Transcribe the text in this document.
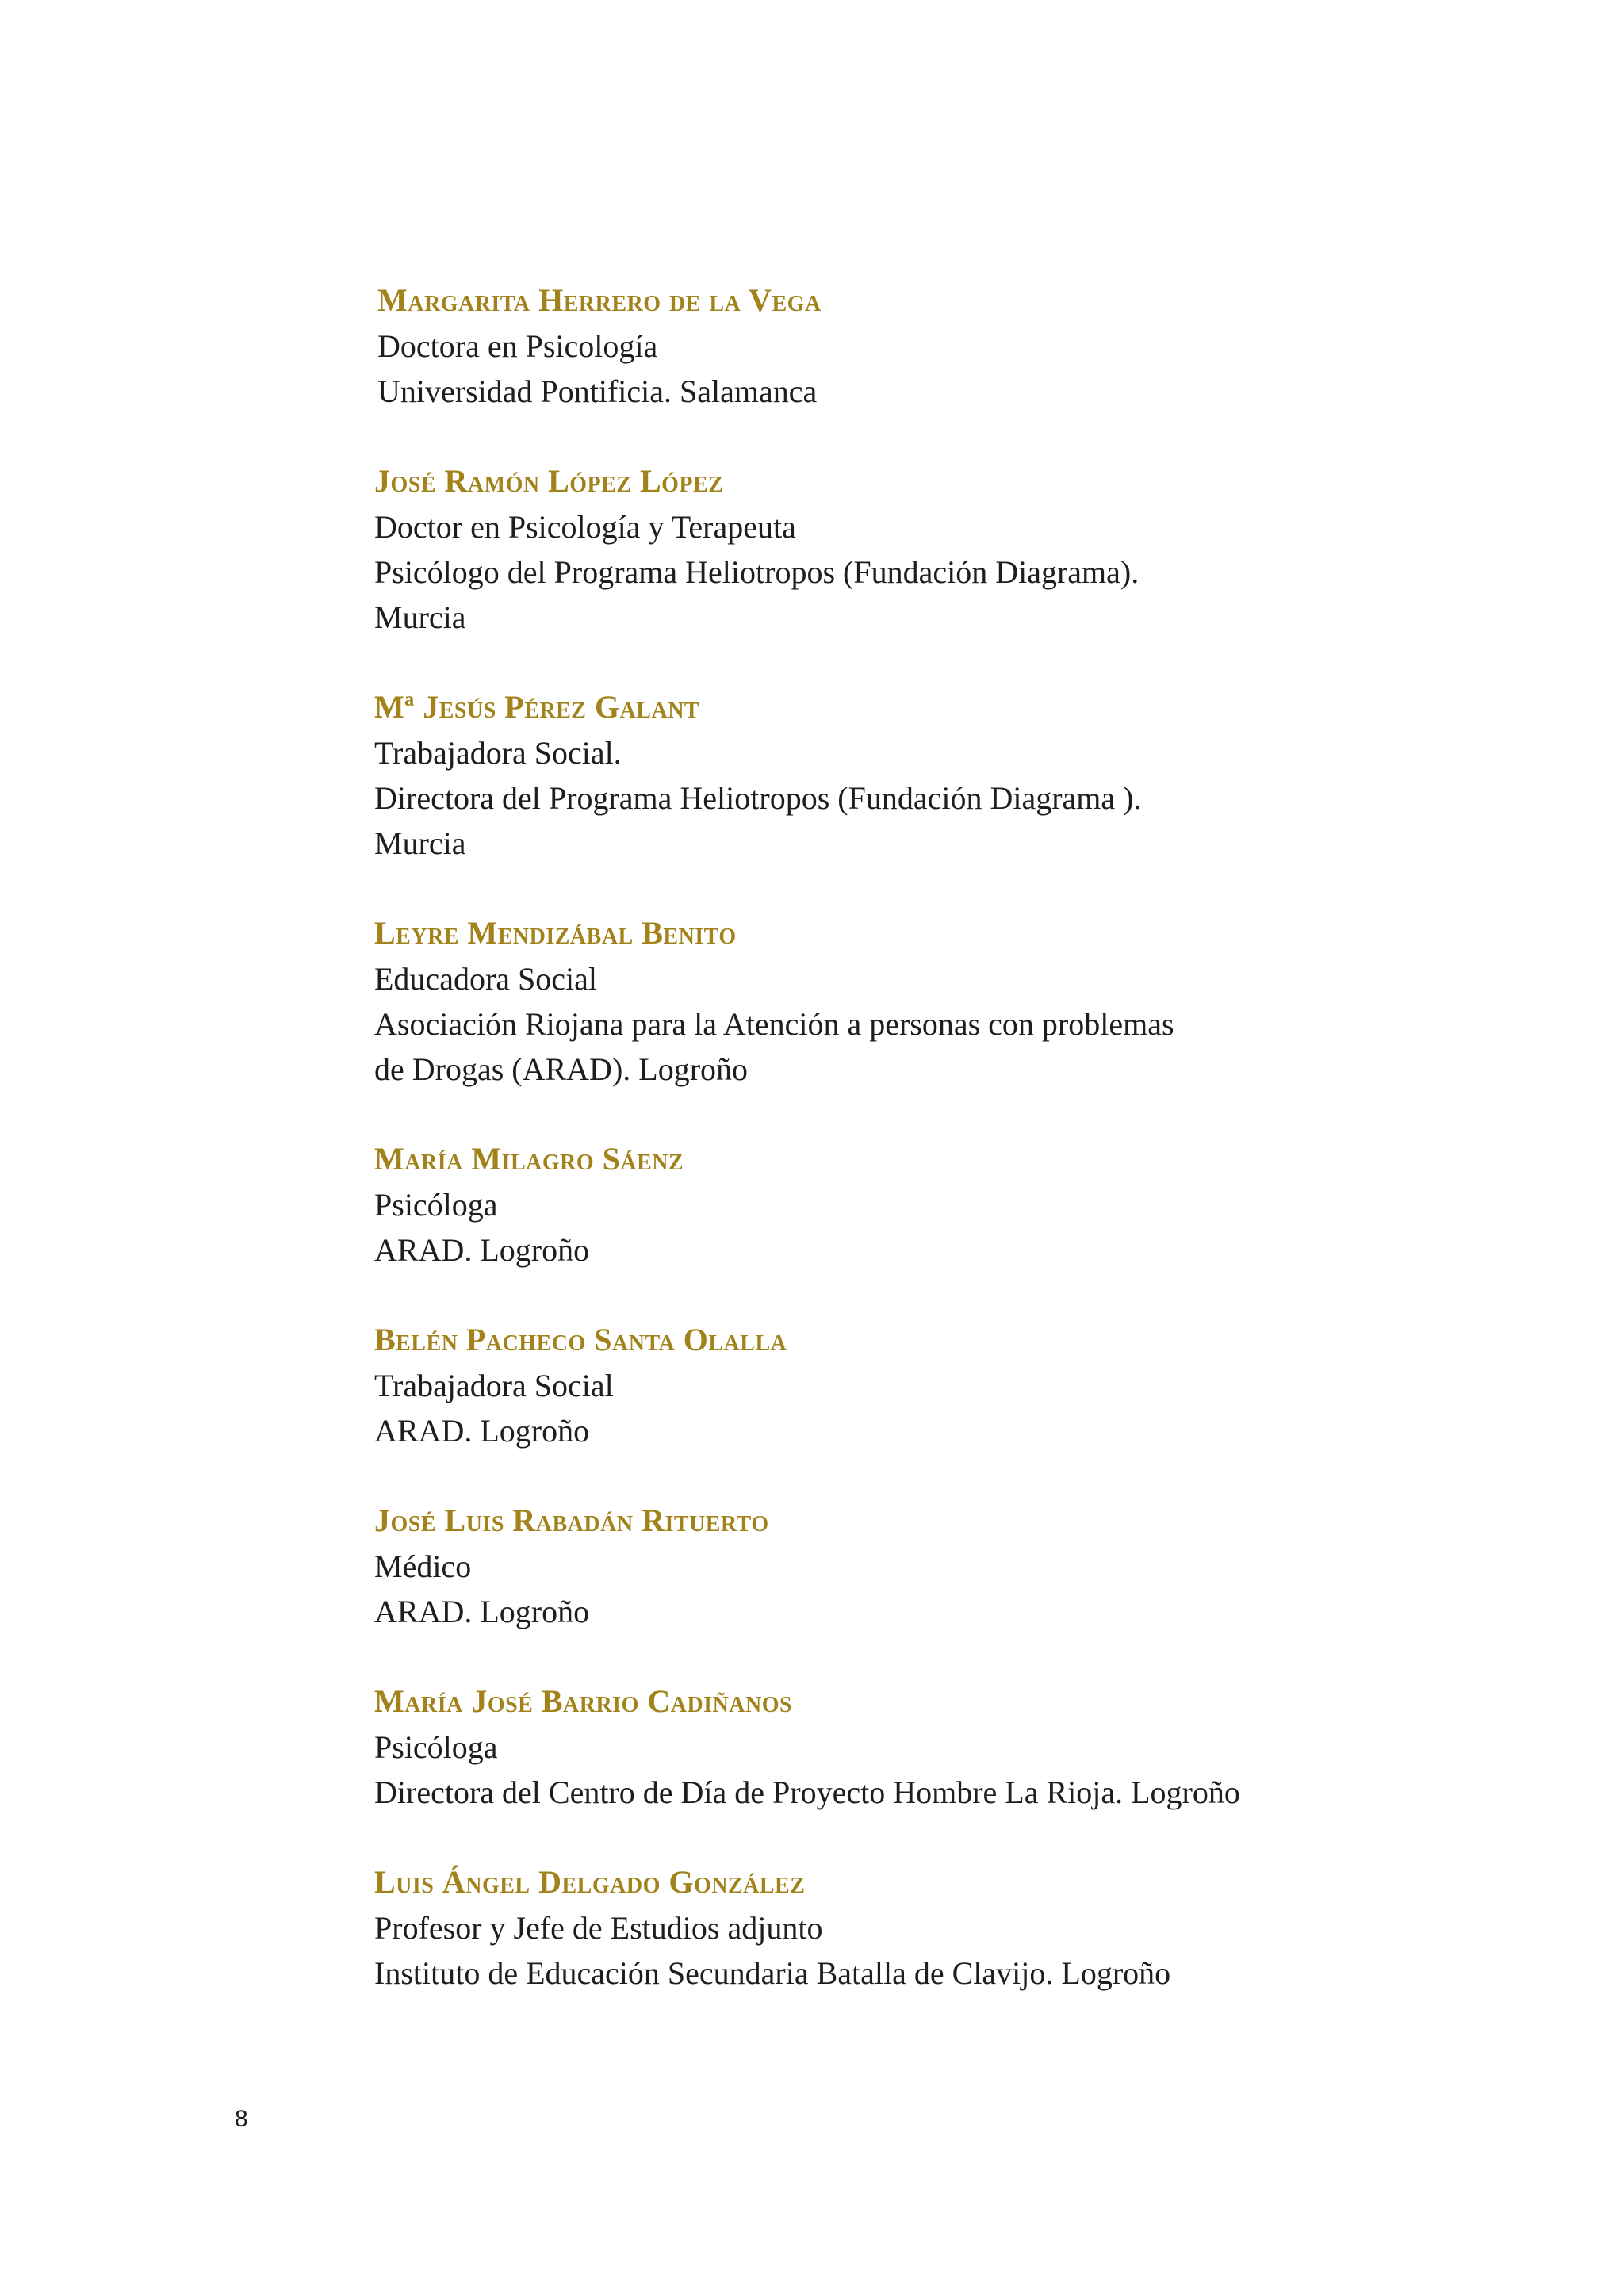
Margarita Herrero de la Vega
Doctora en Psicología
Universidad Pontificia. Salamanca
José Ramón López López
Doctor en Psicología y Terapeuta
Psicólogo del Programa Heliotropos (Fundación Diagrama).
Murcia
Mª Jesús Pérez Galant
Trabajadora Social.
Directora del Programa Heliotropos (Fundación Diagrama ).
Murcia
Leyre Mendizábal Benito
Educadora Social
Asociación Riojana para la Atención a personas con problemas
de Drogas (ARAD). Logroño
María Milagro Sáenz
Psicóloga
ARAD. Logroño
Belén Pacheco Santa Olalla
Trabajadora Social
ARAD. Logroño
José Luis Rabadán Rituerto
Médico
ARAD. Logroño
María José Barrio Cadiñanos
Psicóloga
Directora del Centro de Día de Proyecto Hombre La Rioja. Logroño
Luis Ángel Delgado González
Profesor y Jefe de Estudios adjunto
Instituto de Educación Secundaria Batalla de Clavijo. Logroño
8
